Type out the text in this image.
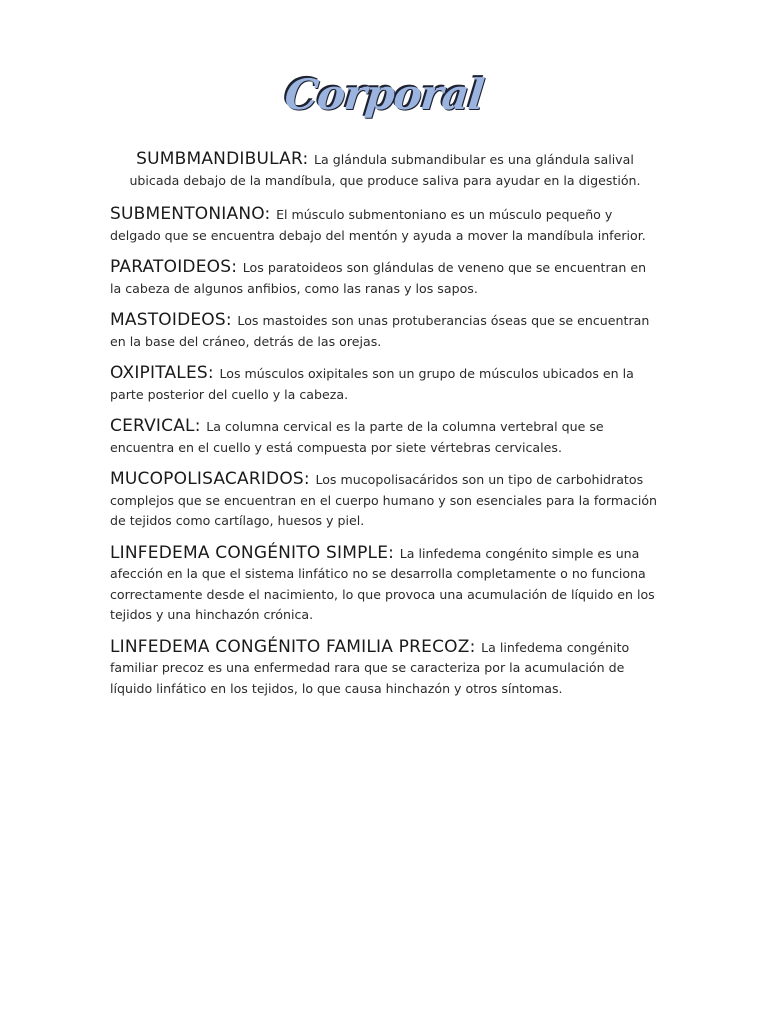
Corporal

SUMBMANDIBULAR: La glándula submandibular es una glándula salival ubicada debajo de la mandíbula, que produce saliva para ayudar en la digestión.

SUBMENTONIANO: El músculo submentoniano es un músculo pequeño y delgado que se encuentra debajo del mentón y ayuda a mover la mandíbula inferior.

PARATOIDEOS: Los paratoideos son glándulas de veneno que se encuentran en la cabeza de algunos anfibios, como las ranas y los sapos.

MASTOIDEOS: Los mastoides son unas protuberancias óseas que se encuentran en la base del cráneo, detrás de las orejas.

OXIPITALES: Los músculos oxipitales son un grupo de músculos ubicados en la parte posterior del cuello y la cabeza.

CERVICAL: La columna cervical es la parte de la columna vertebral que se encuentra en el cuello y está compuesta por siete vértebras cervicales.

MUCOPOLISACARIDOS: Los mucopolisacáridos son un tipo de carbohidratos complejos que se encuentran en el cuerpo humano y son esenciales para la formación de tejidos como cartílago, huesos y piel.

LINFEDEMA CONGÉNITO SIMPLE: La linfedema congénito simple es una afección en la que el sistema linfático no se desarrolla completamente o no funciona correctamente desde el nacimiento, lo que provoca una acumulación de líquido en los tejidos y una hinchazón crónica.

LINFEDEMA CONGÉNITO FAMILIA PRECOZ: La linfedema congénito familiar precoz es una enfermedad rara que se caracteriza por la acumulación de líquido linfático en los tejidos, lo que causa hinchazón y otros síntomas.
